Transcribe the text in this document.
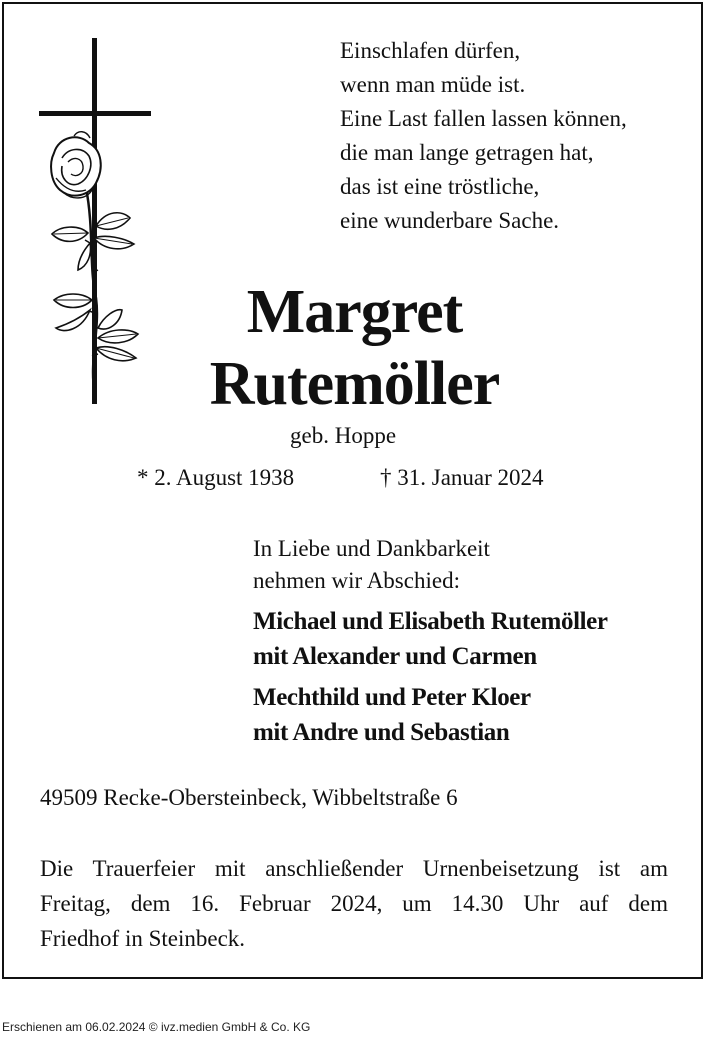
Einschlafen dürfen,
wenn man müde ist.
Eine Last fallen lassen können,
die man lange getragen hat,
das ist eine tröstliche,
eine wunderbare Sache.
Margret
Rutemöller
geb. Hoppe
* 2. August 1938	† 31. Januar 2024
In Liebe und Dankbarkeit
nehmen wir Abschied:
Michael und Elisabeth Rutemöller
mit Alexander und Carmen
Mechthild und Peter Kloer
mit Andre und Sebastian
49509 Recke-Obersteinbeck, Wibbeltstraße 6
Die Trauerfeier mit anschließender Urnenbeisetzung ist am
Freitag, dem 16. Februar 2024, um 14.30 Uhr auf dem
Friedhof in Steinbeck.
Erschienen am 06.02.2024 © ivz.medien GmbH & Co. KG
